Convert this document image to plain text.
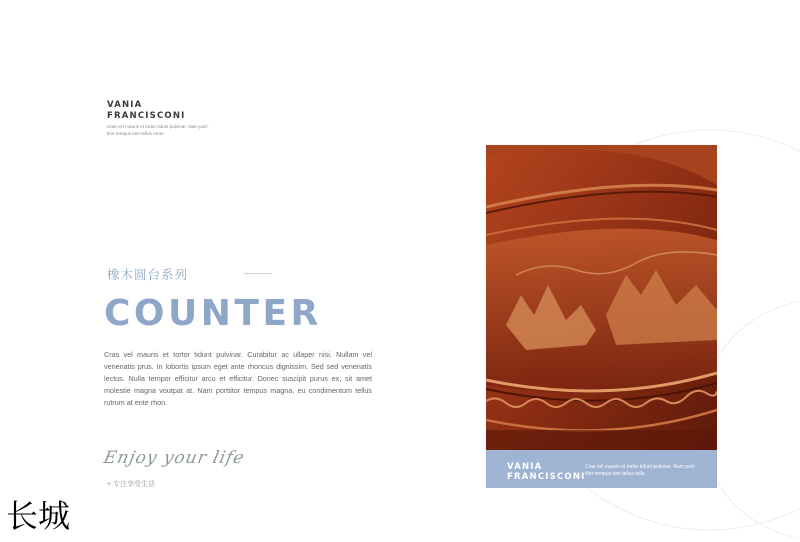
VANIA
FRANCISCONI
Cras vel mauris et tortor tidunt pulvinar. Nam port-
titor tempus tum tellus runie.
橡木圆台系列
COUNTER
Cras vel mauris et tortor tidunt pulvinar. Curabitur ac ullaper nisi. Nullam vel venenatis prus. In lobortis ipsum eget ante rhoncus dignissim. Sed sed venenatis lectus. Nulla tempor efficitur arcu et efficitur. Donec suscipit purus ex, sit amet molestie magna voutpat at. Nam porttitor tempus magna, eu condimentum tellus rutrum at ente rhon.
Enjoy your life
+ 专注享受生活
长城
VANIA
FRANCISCONI
Cras vel mauris et tortor tidunt pulvinar. Nam port-
titor tempus tum tellus tolle.
